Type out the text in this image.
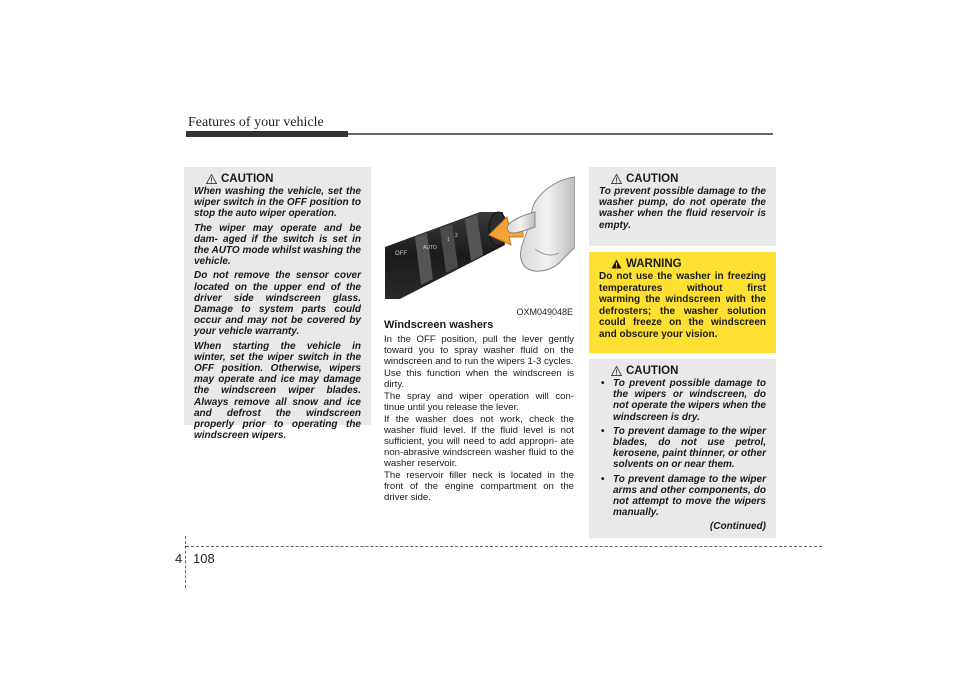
Features of your vehicle
CAUTION

When washing the vehicle, set the wiper switch in the OFF position to stop the auto wiper operation.

The wiper may operate and be dam- aged if the switch is set in the AUTO mode whilst washing the vehicle.

Do not remove the sensor cover located on the upper end of the driver side windscreen glass. Damage to system parts could occur and may not be covered by your vehicle warranty.

When starting the vehicle in winter, set the wiper switch in the OFF position. Otherwise, wipers may operate and ice may damage the windscreen wiper blades. Always remove all snow and ice and defrost the windscreen properly prior to operating the windscreen wipers.

OFF
AUTO
1
2
OXM049048E
Windscreen washers

In the OFF position, pull the lever gently toward you to spray washer fluid on the windscreen and to run the wipers 1-3 cycles.

Use this function when the windscreen is dirty.

The spray and wiper operation will con- tinue until you release the lever.

If the washer does not work, check the washer fluid level. If the fluid level is not sufficient, you will need to add appropri- ate non-abrasive windscreen washer fluid to the washer reservoir.

The reservoir filler neck is located in the front of the engine compartment on the driver side.

CAUTION

To prevent possible damage to the washer pump, do not operate the washer when the fluid reservoir is empty.

WARNING

Do not use the washer in freezing temperatures without first warming the windscreen with the defrosters; the washer solution could freeze on the windscreen and obscure your vision.

CAUTION
• To prevent possible damage to the wipers or windscreen, do not operate the wipers when the windscreen is dry.
• To prevent damage to the wiper blades, do not use petrol, kerosene, paint thinner, or other solvents on or near them.
• To prevent damage to the wiper arms and other components, do not attempt to move the wipers manually.
(Continued)
4 108
